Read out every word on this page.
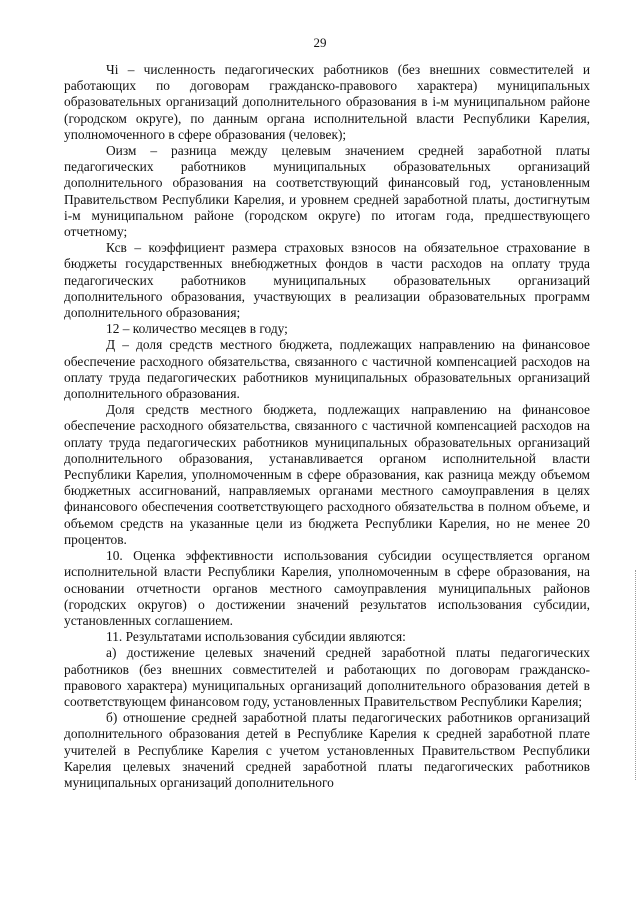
29

Чi – численность педагогических работников (без внешних совместителей и работающих по договорам гражданско-правового характера) муниципальных образовательных организаций дополнительного образования в i-м муниципальном районе (городском округе), по данным органа исполнительной власти Республики Карелия, уполномоченного в сфере образования (человек);

Оизм – разница между целевым значением средней заработной платы педагогических работников муниципальных образовательных организаций дополнительного образования на соответствующий финансовый год, установленным Правительством Республики Карелия, и уровнем средней заработной платы, достигнутым i-м муниципальном районе (городском округе) по итогам года, предшествующего отчетному;

Ксв – коэффициент размера страховых взносов на обязательное страхование в бюджеты государственных внебюджетных фондов в части расходов на оплату труда педагогических работников муниципальных образовательных организаций дополнительного образования, участвующих в реализации образовательных программ дополнительного образования;

12 – количество месяцев в году;

Д – доля средств местного бюджета, подлежащих направлению на финансовое обеспечение расходного обязательства, связанного с частичной компенсацией расходов на оплату труда педагогических работников муниципальных образовательных организаций дополнительного образования.

Доля средств местного бюджета, подлежащих направлению на финансовое обеспечение расходного обязательства, связанного с частичной компенсацией расходов на оплату труда педагогических работников муниципальных образовательных организаций дополнительного образования, устанавливается органом исполнительной власти Республики Карелия, уполномоченным в сфере образования, как разница между объемом бюджетных ассигнований, направляемых органами местного самоуправления в целях финансового обеспечения соответствующего расходного обязательства в полном объеме, и объемом средств на указанные цели из бюджета Республики Карелия, но не менее 20 процентов.

10. Оценка эффективности использования субсидии осуществляется органом исполнительной власти Республики Карелия, уполномоченным в сфере образования, на основании отчетности органов местного самоуправления муниципальных районов (городских округов) о достижении значений результатов использования субсидии, установленных соглашением.

11. Результатами использования субсидии являются:

а) достижение целевых значений средней заработной платы педагогических работников (без внешних совместителей и работающих по договорам гражданско-правового характера) муниципальных организаций дополнительного образования детей в соответствующем финансовом году, установленных Правительством Республики Карелия;

б) отношение средней заработной платы педагогических работников организаций дополнительного образования детей в Республике Карелия к средней заработной плате учителей в Республике Карелия с учетом установленных Правительством Республики Карелия целевых значений средней заработной платы педагогических работников муниципальных организаций дополнительного
